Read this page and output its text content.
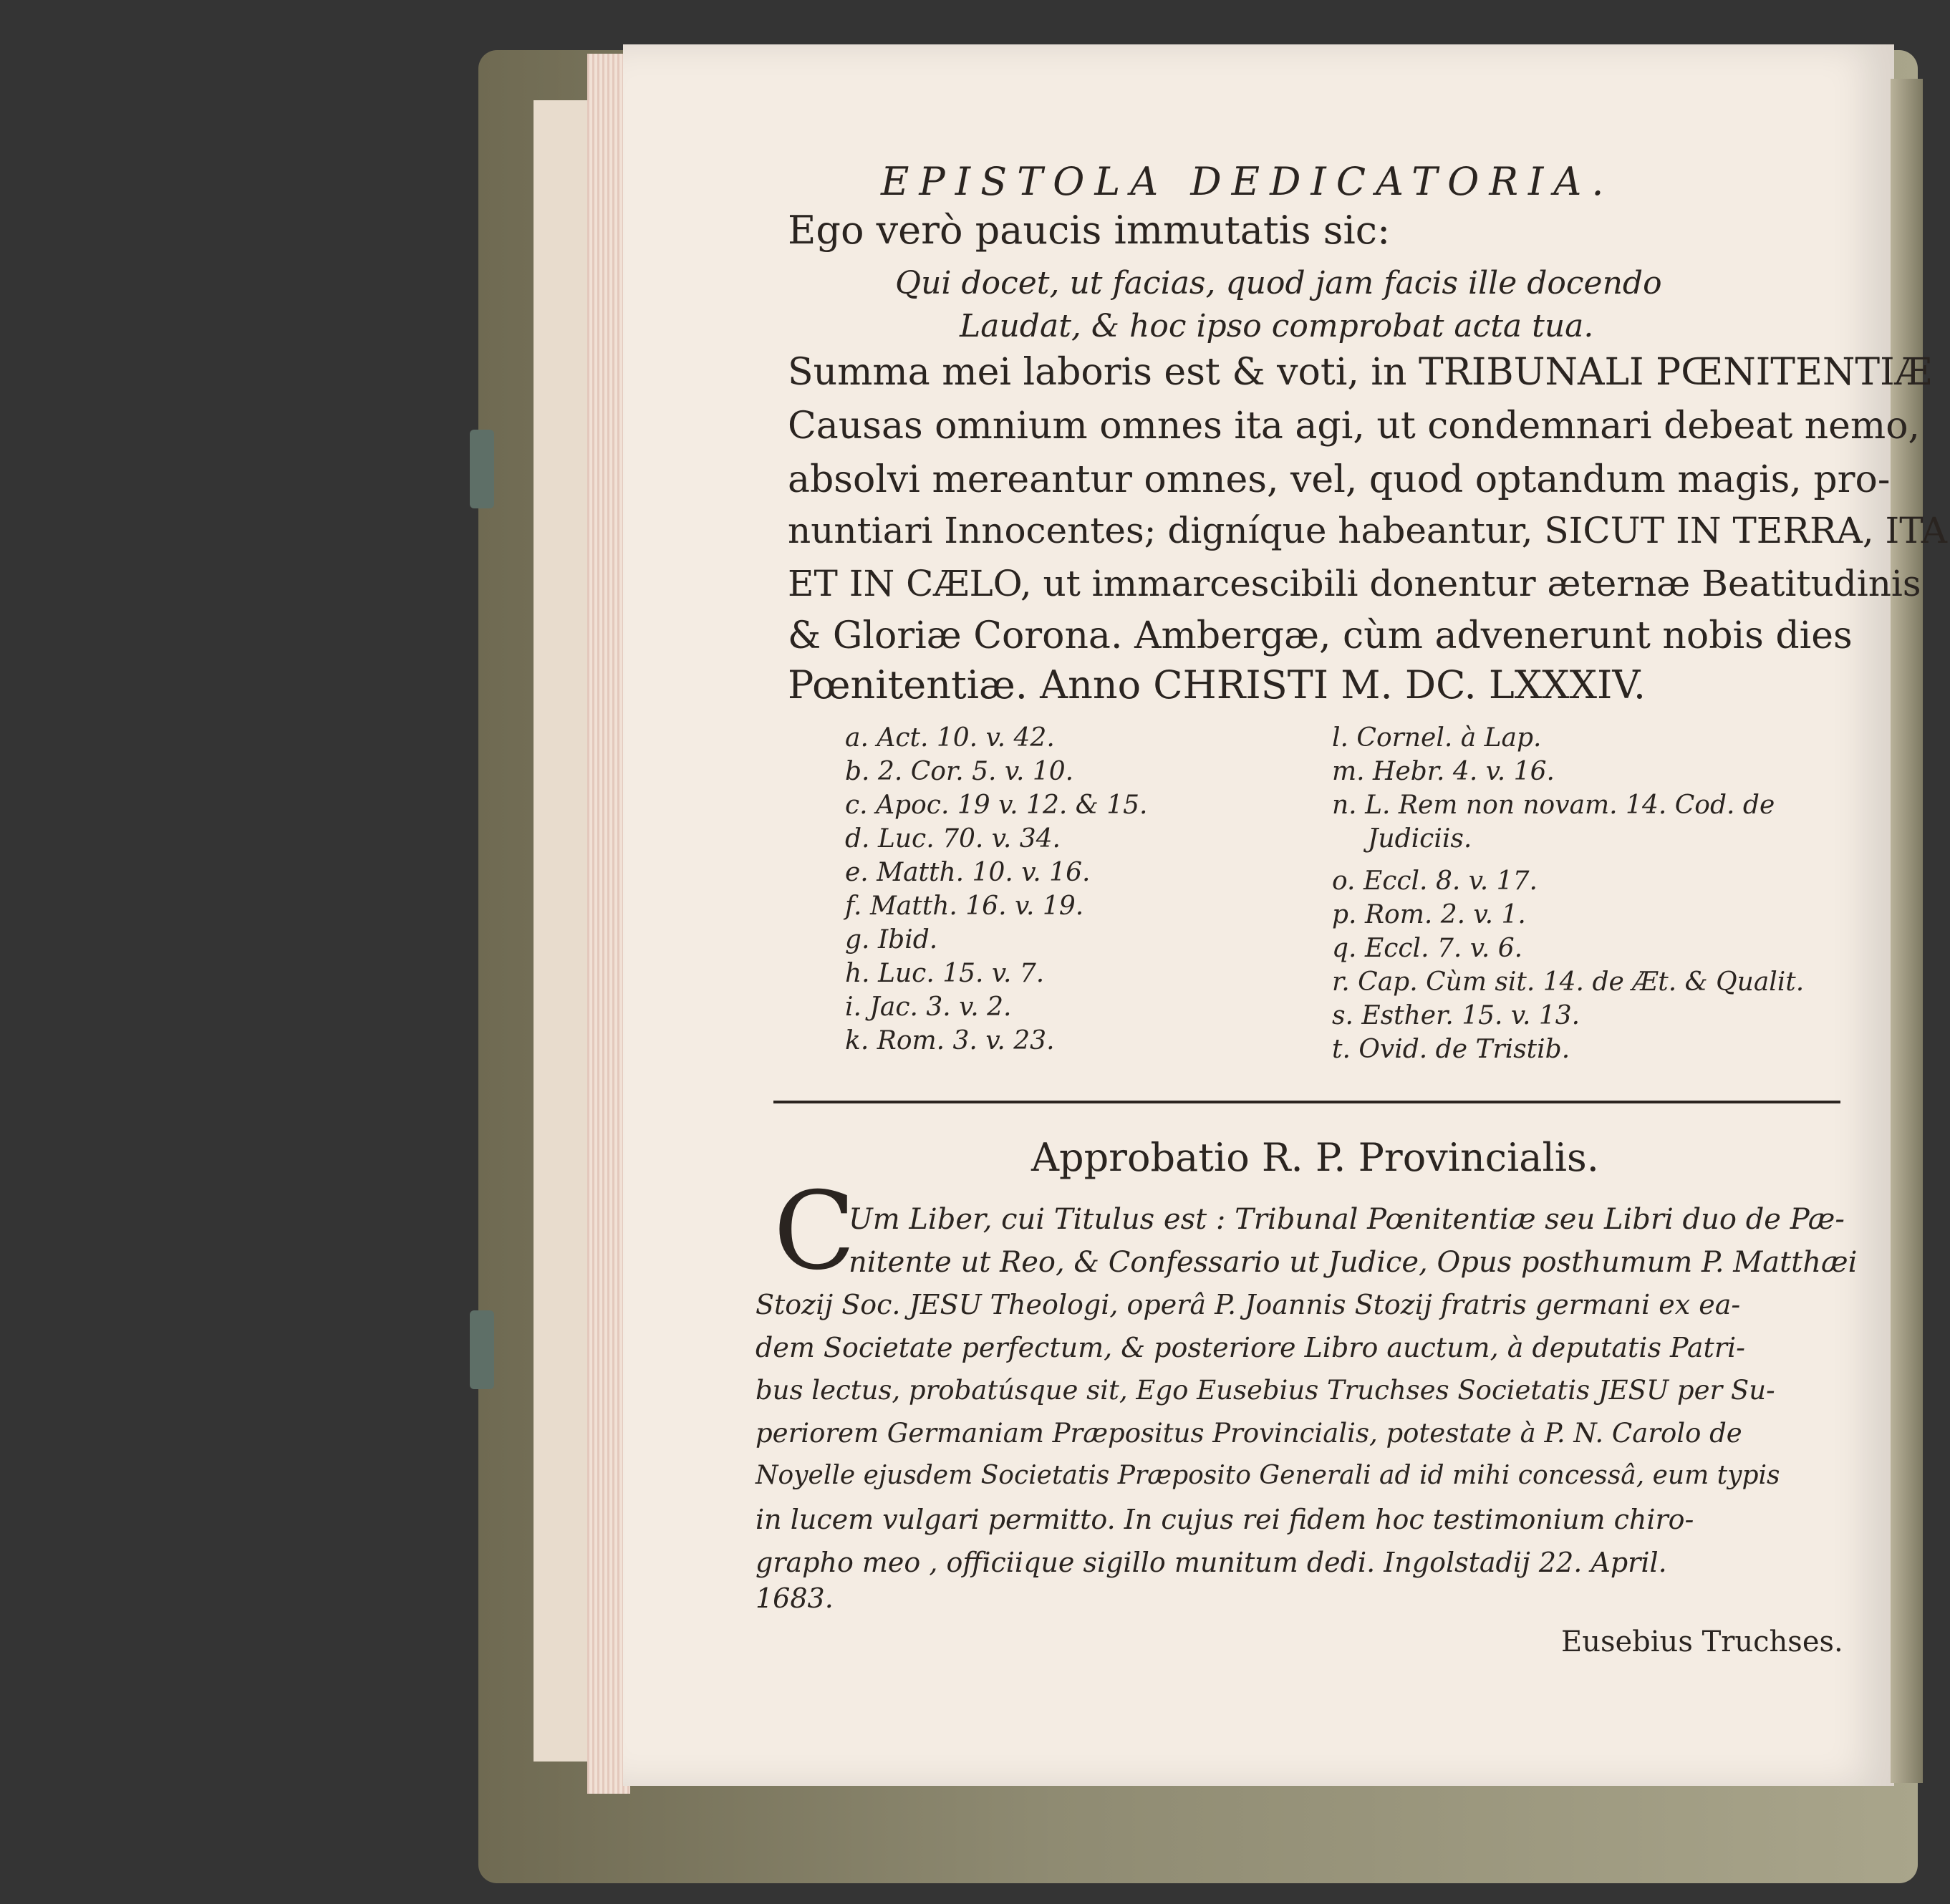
EPISTOLA DEDICATORIA.

Ego verò paucis immutatis sic:

Qui docet, ut facias, quod jam facis ille docendo

Laudat, & hoc ipso comprobat acta tua.

Summa mei laboris est & voti, in TRIBUNALI PŒNITENTIÆ

Causas omnium omnes ita agi, ut condemnari debeat nemo,

absolvi mereantur omnes, vel, quod optandum magis, pro-

nuntiari Innocentes; digníque habeantur, SICUT IN TERRA, ITA

ET IN CÆLO, ut immarcescibili donentur æternæ Beatitudinis

& Gloriæ Corona. Ambergæ, cùm advenerunt nobis dies

Pœnitentiæ. Anno CHRISTI M. DC. LXXXIV.

a. Act. 10. v. 42.

b. 2. Cor. 5. v. 10.

c. Apoc. 19 v. 12. & 15.

d. Luc. 70. v. 34.

e. Matth. 10. v. 16.

f. Matth. 16. v. 19.

g. Ibid.

h. Luc. 15. v. 7.

i. Jac. 3. v. 2.

k. Rom. 3. v. 23.

l. Cornel. à Lap.

m. Hebr. 4. v. 16.

n. L. Rem non novam. 14. Cod. de

Judiciis.

o. Eccl. 8. v. 17.

p. Rom. 2. v. 1.

q. Eccl. 7. v. 6.

r. Cap. Cùm sit. 14. de Æt. & Qualit.

s. Esther. 15. v. 13.

t. Ovid. de Tristib.

Approbatio R. P. Provincialis.

C

Um Liber, cui Titulus est : Tribunal Pœnitentiæ seu Libri duo de Pæ-

nitente ut Reo, & Confessario ut Judice, Opus posthumum P. Matthæi

Stozij Soc. JESU Theologi, operâ P. Joannis Stozij fratris germani ex ea-

dem Societate perfectum, & posteriore Libro auctum, à deputatis Patri-

bus lectus, probatúsque sit, Ego Eusebius Truchses Societatis JESU per Su-

periorem Germaniam Præpositus Provincialis, potestate à P. N. Carolo de

Noyelle ejusdem Societatis Præposito Generali ad id mihi concessâ, eum typis

in lucem vulgari permitto. In cujus rei fidem hoc testimonium chiro-

grapho meo , officiique sigillo munitum dedi. Ingolstadij 22. April.

1683.

Eusebius Truchses.
